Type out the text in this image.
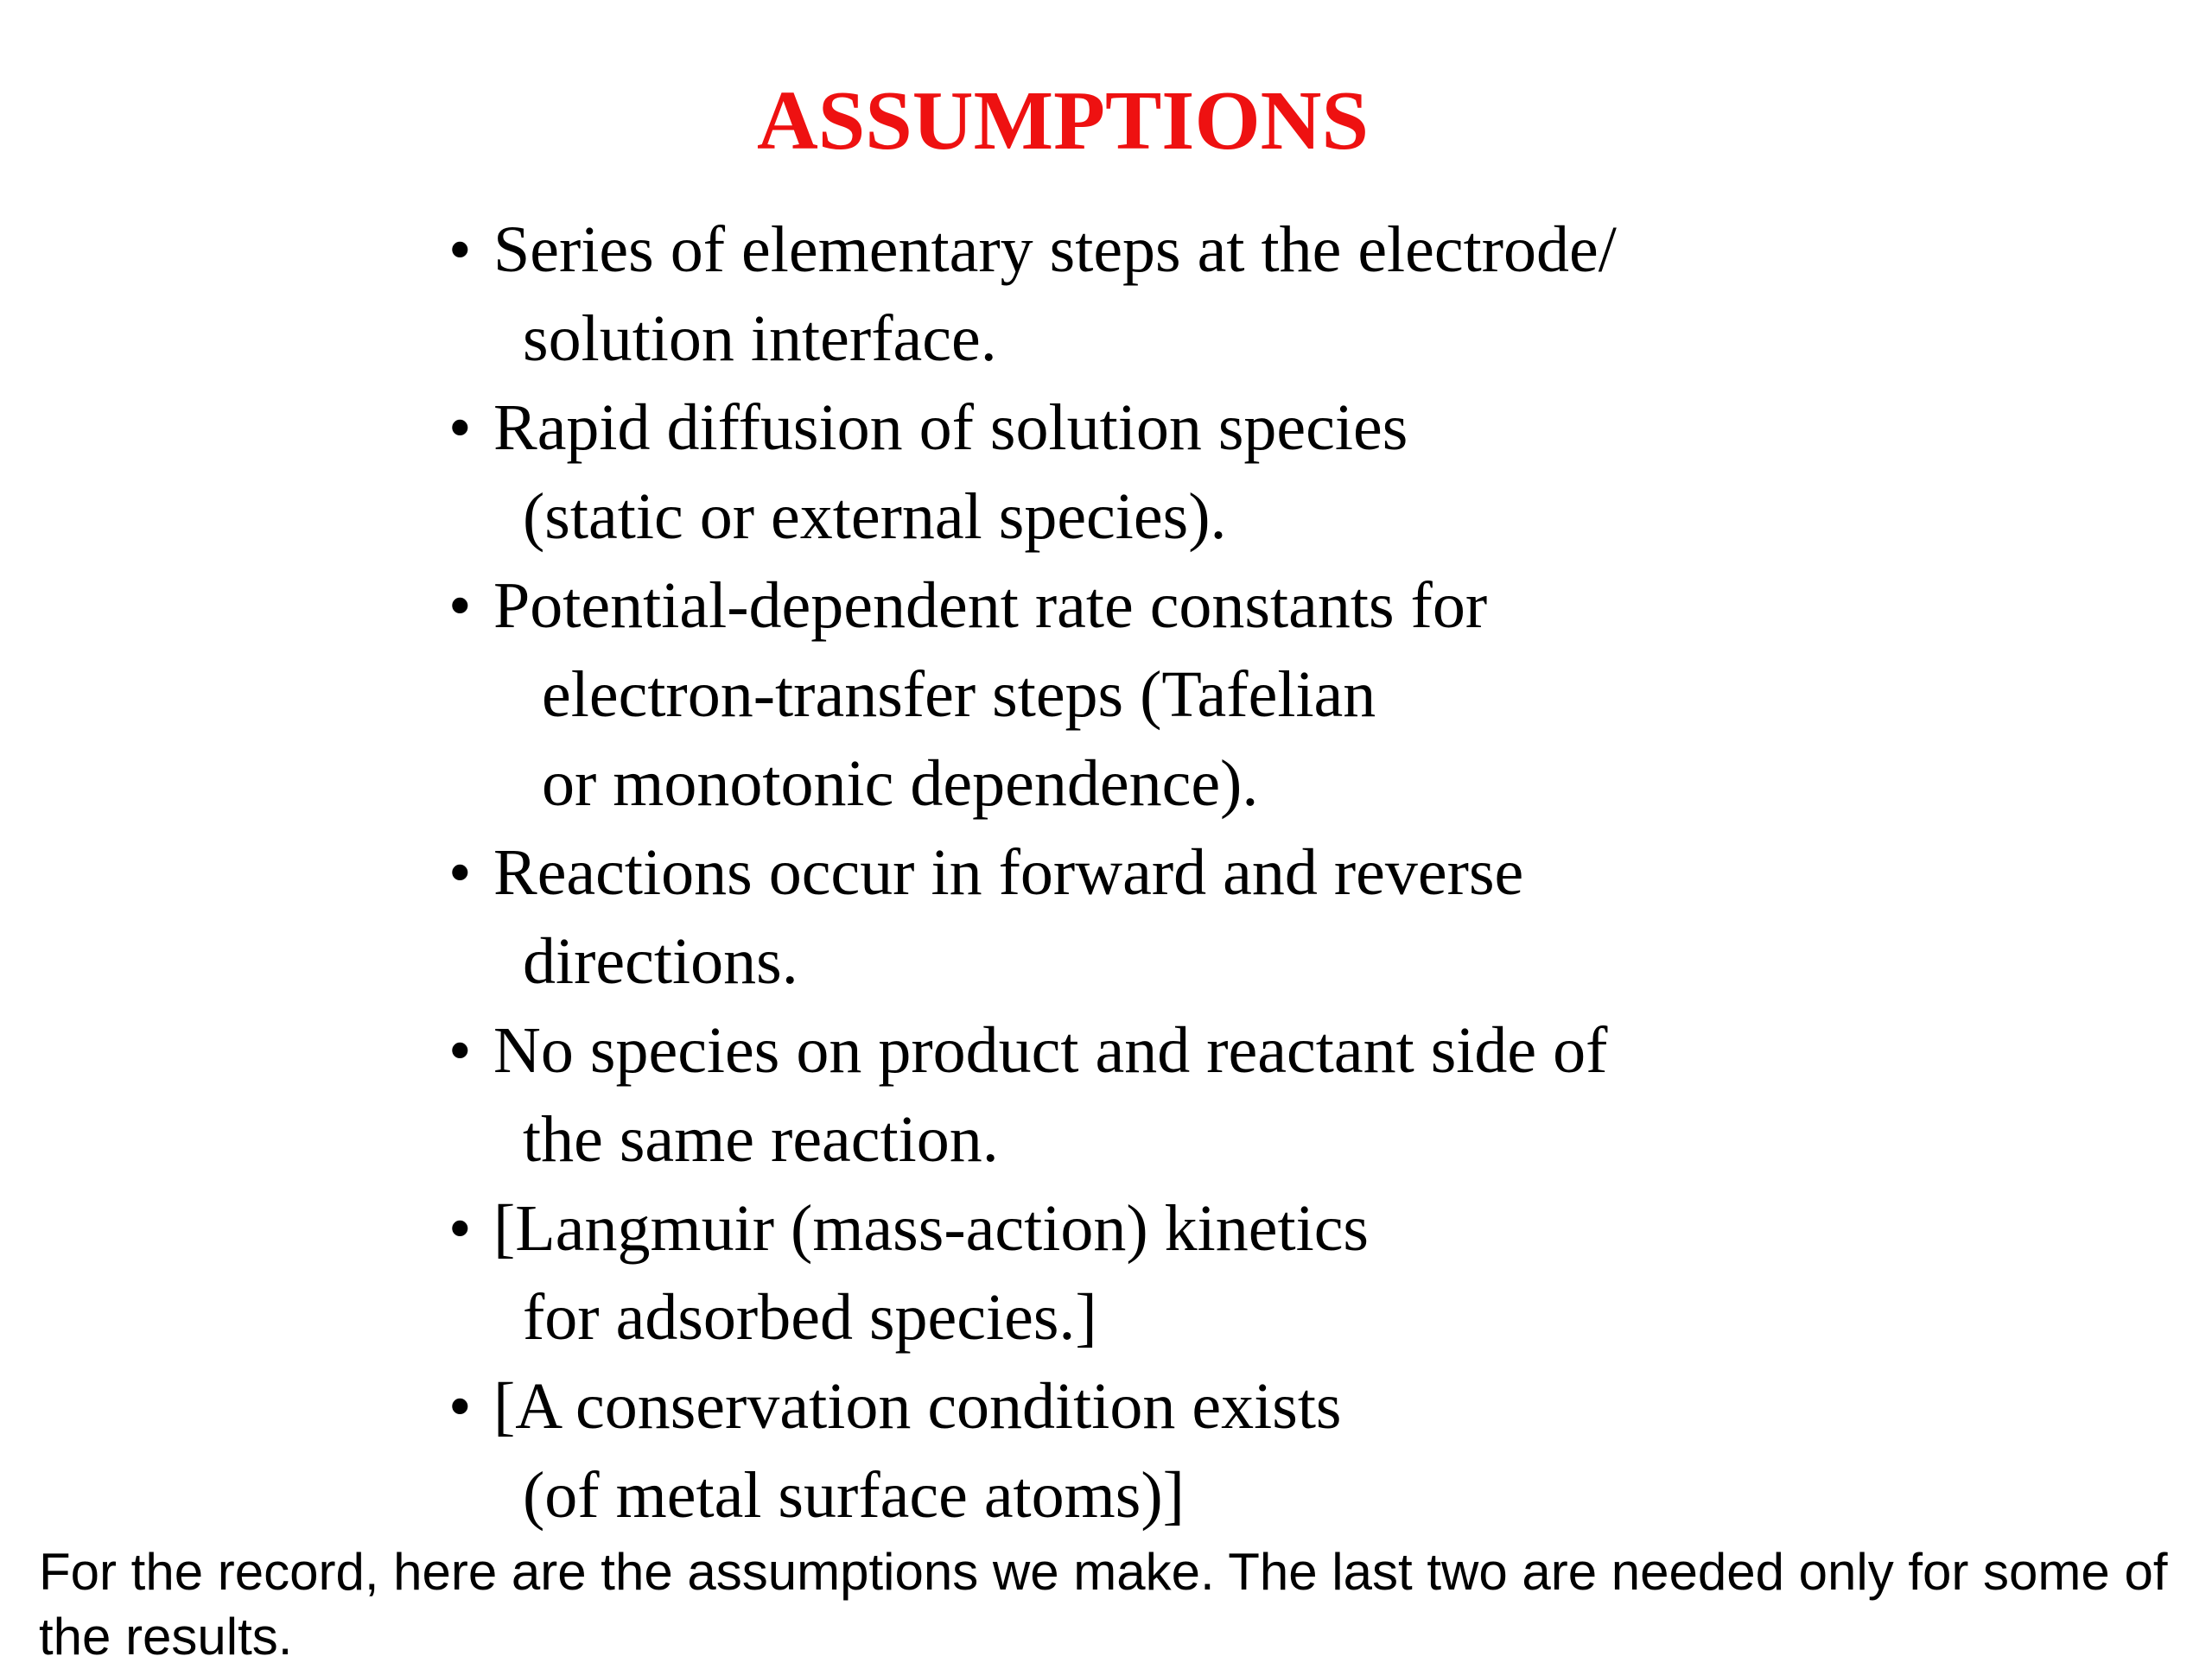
ASSUMPTIONS
• Series of elementary steps at the electrode/
solution interface.
• Rapid diffusion of solution species
(static or external species).
• Potential-dependent rate constants for
electron-transfer steps (Tafelian
or monotonic dependence).
• Reactions occur in forward and reverse
directions.
• No species on product and reactant side of
the same reaction.
• [Langmuir (mass-action) kinetics
for adsorbed species.]
• [A conservation condition exists
(of metal surface atoms)]

For the record, here are the assumptions we make. The last two are needed only for some of the results.
